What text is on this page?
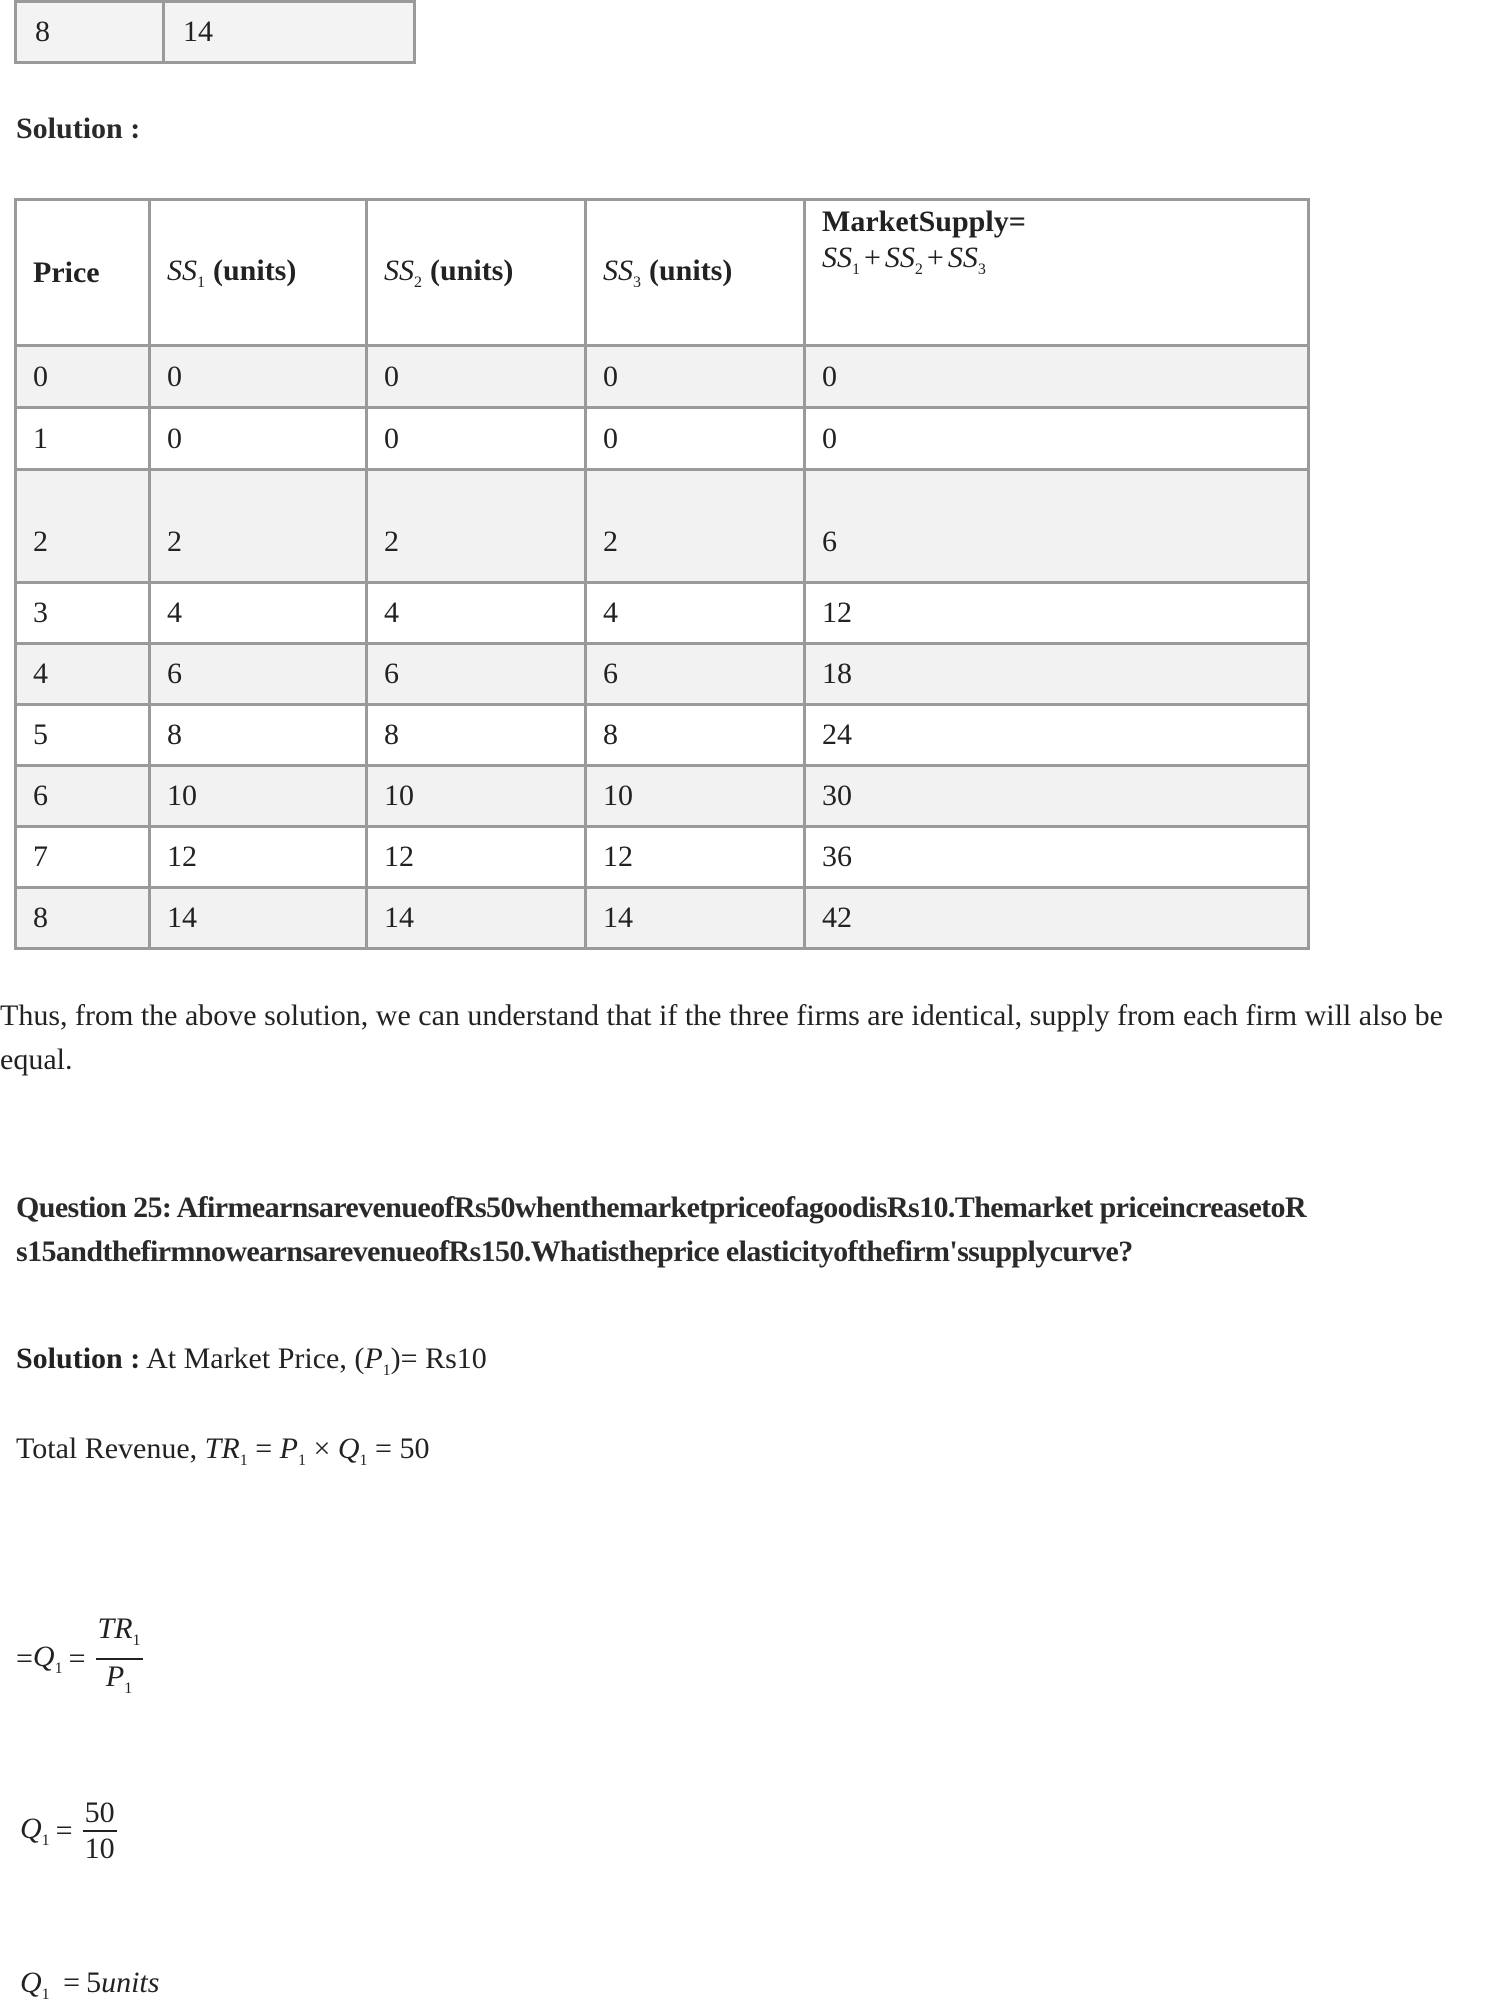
8	14
Solution :
Price	$SS_1$ (units)	$SS_2$ (units)	$SS_3$ (units)	MarketSupply=
$SS_1 + SS_2 + SS_3$

0	0	0	0	0
1	0	0	0	0
2	2	2	2	6
3	4	4	4	12
4	6	6	6	18
5	8	8	8	24
6	10	10	10	30
7	12	12	12	36
8	14	14	14	42
Thus, from the above solution, we can understand that if the three firms are identical, supply from each firm will also be equal.
Question 25: AfirmearnsarevenueofRs50whenthemarketpriceofagoodisRs10.Themarket priceincreasetoRs15andthefirmnowearnsarevenueofRs150.Whatistheprice elasticityofthefirm'ssupplycurve?
Solution : At Market Price, $(P_1)= Rs10$
Total Revenue, $TR_1 = P_1 \times Q_1 = 50$
= $Q_1 = \frac{TR_1}{P_1}$
$Q_1 = \frac{50}{10}$
$Q_1$ = 5units
